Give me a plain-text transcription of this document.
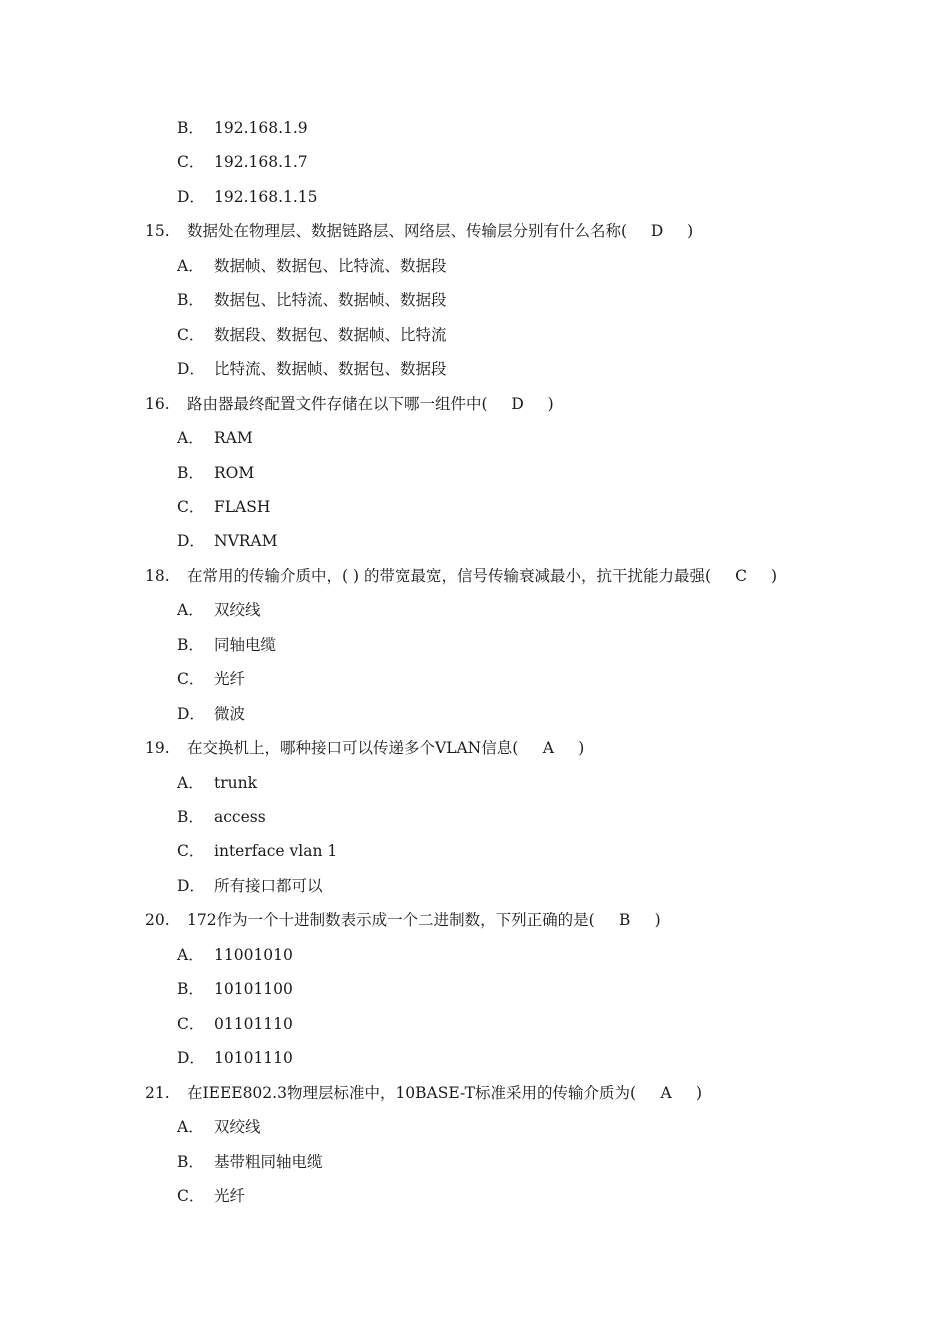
B． 192.168.1.9
C． 192.168.1.7
D． 192.168.1.15
15. 数据处在物理层、数据链路层、网络层、传输层分别有什么名称( D )
A． 数据帧、数据包、比特流、数据段
B． 数据包、比特流、数据帧、数据段
C． 数据段、数据包、数据帧、比特流
D． 比特流、数据帧、数据包、数据段
16. 路由器最终配置文件存储在以下哪一组件中( D )
A． RAM
B． ROM
C． FLASH
D． NVRAM
18. 在常用的传输介质中，( ) 的带宽最宽，信号传输衰减最小，抗干扰能力最强( C )
A． 双绞线
B． 同轴电缆
C． 光纤
D． 微波
19. 在交换机上，哪种接口可以传递多个VLAN信息( A )
A． trunk
B． access
C． interface vlan 1
D． 所有接口都可以
20. 172作为一个十进制数表示成一个二进制数，下列正确的是( B )
A． 11001010
B． 10101100
C． 01101110
D． 10101110
21. 在IEEE802.3物理层标准中，10BASE-T标准采用的传输介质为( A )
A． 双绞线
B． 基带粗同轴电缆
C． 光纤
